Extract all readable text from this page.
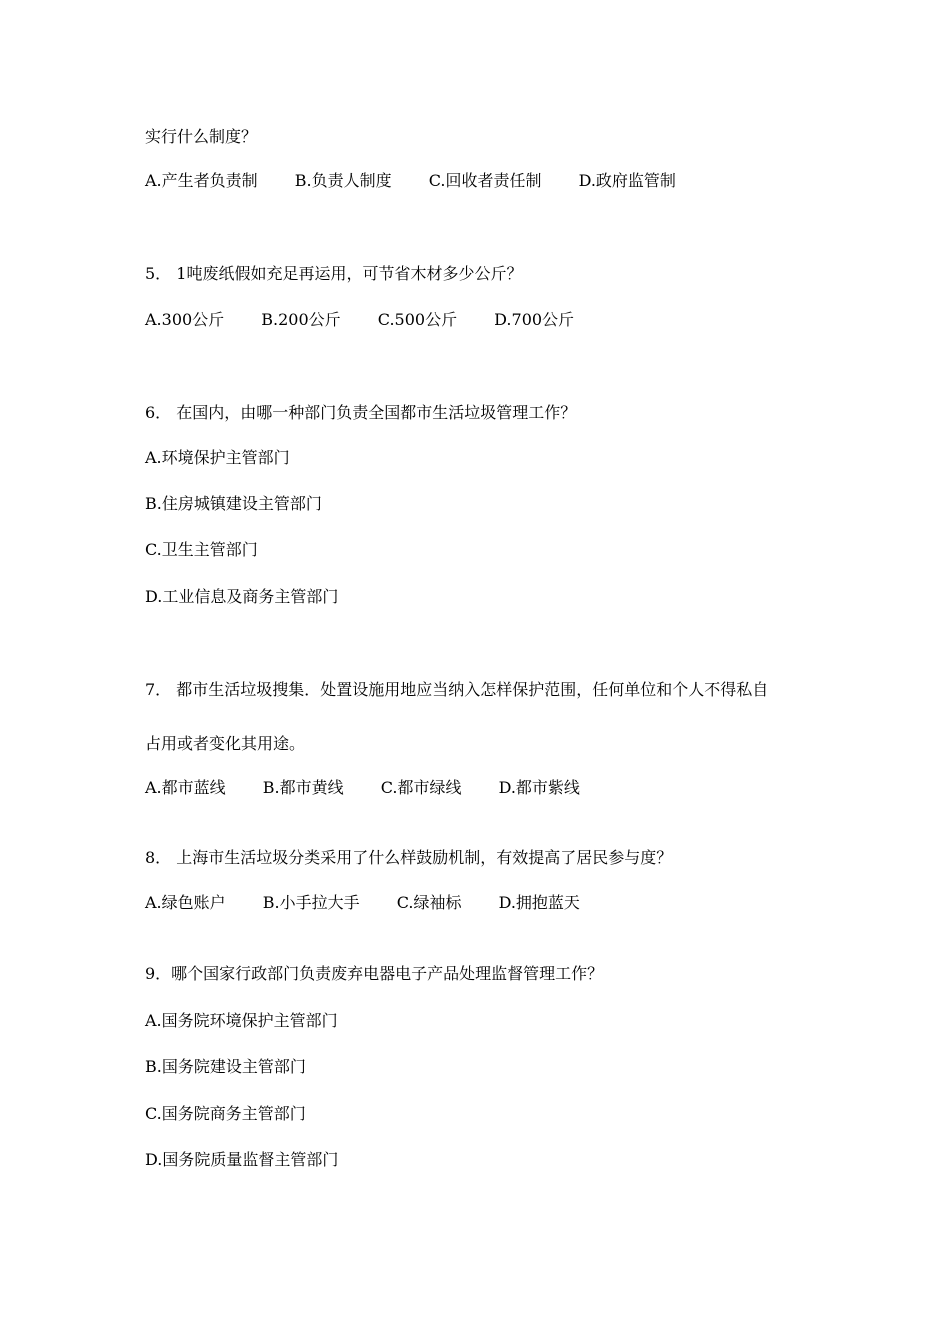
实行什么制度？
A.产生者负责制 B.负责人制度 C.回收者责任制 D.政府监管制
5． 1吨废纸假如充足再运用，可节省木材多少公斤？
A.300公斤 B.200公斤 C.500公斤 D.700公斤
6． 在国内，由哪一种部门负责全国都市生活垃圾管理工作？
A.环境保护主管部门
B.住房城镇建设主管部门
C.卫生主管部门
D.工业信息及商务主管部门
7． 都市生活垃圾搜集．处置设施用地应当纳入怎样保护范围，任何单位和个人不得私自
占用或者变化其用途。
A.都市蓝线 B.都市黄线 C.都市绿线 D.都市紫线
8． 上海市生活垃圾分类采用了什么样鼓励机制，有效提高了居民参与度？
A.绿色账户 B.小手拉大手 C.绿袖标 D.拥抱蓝天
9．哪个国家行政部门负责废弃电器电子产品处理监督管理工作？
A.国务院环境保护主管部门
B.国务院建设主管部门
C.国务院商务主管部门
D.国务院质量监督主管部门
